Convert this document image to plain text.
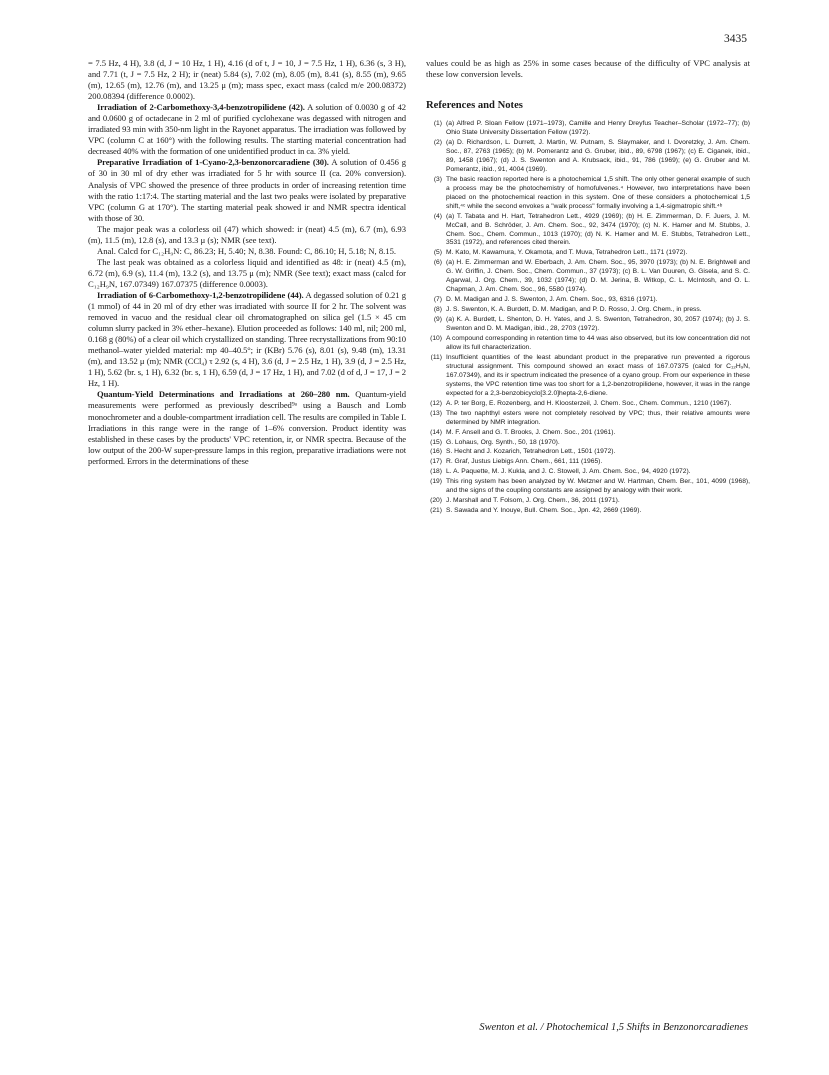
3435

= 7.5 Hz, 4 H), 3.8 (d, J = 10 Hz, 1 H), 4.16 (d of t, J = 10, J = 7.5 Hz, 1 H), 6.36 (s, 3 H), and 7.71 (t, J = 7.5 Hz, 2 H); ir (neat) 5.84 (s), 7.02 (m), 8.05 (m), 8.41 (s), 8.55 (m), 9.65 (m), 12.65 (m), 12.76 (m), and 13.25 μ (m); mass spec, exact mass (calcd m/e 200.08372) 200.08394 (difference 0.0002).

Irradiation of 2-Carbomethoxy-3,4-benzotropilidene (42). A solution of 0.0030 g of 42 and 0.0600 g of octadecane in 2 ml of purified cyclohexane was degassed with nitrogen and irradiated 93 min with 350-nm light in the Rayonet apparatus. The irradiation was followed by VPC (column C at 160°) with the following results. The starting material concentration had decreased 40% with the formation of one unidentified product in ca. 3% yield.

Preparative Irradiation of 1-Cyano-2,3-benzonorcaradiene (30). A solution of 0.456 g of 30 in 30 ml of dry ether was irradiated for 5 hr with source II (ca. 20% conversion). Analysis of VPC showed the presence of three products in order of increasing retention time with the ratio 1:17:4. The starting material and the last two peaks were isolated by preparative VPC (column G at 170°). The starting material peak showed ir and NMR spectra identical with those of 30.

The major peak was a colorless oil (47) which showed: ir (neat) 4.5 (m), 6.7 (m), 6.93 (m), 11.5 (m), 12.8 (s), and 13.3 μ (s); NMR (see text).

Anal. Calcd for C₁₂H₉N: C, 86.23; H, 5.40; N, 8.38. Found: C, 86.10; H, 5.18; N, 8.15.

The last peak was obtained as a colorless liquid and identified as 48: ir (neat) 4.5 (m), 6.72 (m), 6.9 (s), 11.4 (m), 13.2 (s), and 13.75 μ (m); NMR (See text); exact mass (calcd for C₁₂H₉N, 167.07349) 167.07375 (difference 0.0003).

Irradiation of 6-Carbomethoxy-1,2-benzotropilidene (44). A degassed solution of 0.21 g (1 mmol) of 44 in 20 ml of dry ether was irradiated with source II for 2 hr. The solvent was removed in vacuo and the residual clear oil chromatographed on silica gel (1.5 × 45 cm column slurry packed in 3% ether–hexane). Elution proceeded as follows: 140 ml, nil; 200 ml, 0.168 g (80%) of a clear oil which crystallized on standing. Three recrystallizations from 90:10 methanol–water yielded material: mp 40–40.5°; ir (KBr) 5.76 (s), 8.01 (s), 9.48 (m), 13.31 (m), and 13.52 μ (m); NMR (CCl₄) τ 2.92 (s, 4 H), 3.6 (d, J = 2.5 Hz, 1 H), 3.9 (d, J = 2.5 Hz, 1 H), 5.62 (br. s, 1 H), 6.32 (br. s, 1 H), 6.59 (d, J = 17 Hz, 1 H), and 7.02 (d of d, J = 17, J = 2 Hz, 1 H).

Quantum-Yield Determinations and Irradiations at 260–280 nm. Quantum-yield measurements were performed as previously described⁹ᵃ using a Bausch and Lomb monochrometer and a double-compartment irradiation cell. The results are compiled in Table I. Irradiations in this range were in the range of 1–6% conversion. Product identity was established in these cases by the products' VPC retention, ir, or NMR spectra. Because of the low output of the 200-W super-pressure lamps in this region, preparative irradiations were not performed. Errors in the determinations of these

values could be as high as 25% in some cases because of the difficulty of VPC analysis at these low conversion levels.

References and Notes
(1) (a) Alfred P. Sloan Fellow (1971–1973), Camille and Henry Dreyfus Teacher–Scholar (1972–77); (b) Ohio State University Dissertation Fellow (1972).
(2) (a) D. Richardson, L. Durrett, J. Martin, W. Putnam, S. Slaymaker, and I. Dvoretzky, J. Am. Chem. Soc., 87, 2763 (1965); (b) M. Pomerantz and G. Gruber, ibid., 89, 6798 (1967); (c) E. Ciganek, ibid., 89, 1458 (1967); (d) J. S. Swenton and A. Krubsack, ibid., 91, 786 (1969); (e) G. Gruber and M. Pomerantz, ibid., 91, 4004 (1969).
(3) The basic reaction reported here is a photochemical 1,5 shift. The only other general example of such a process may be the photochemistry of homofulvenes.⁴ However, two interpretations have been placed on the photochemical reaction in this system. One of these considers a photochemical 1,5 shift,⁴ᶜ while the second envokes a "walk process" formally involving a 1,4-sigmatropic shift.⁴ᵇ
(4) (a) T. Tabata and H. Hart, Tetrahedron Lett., 4929 (1969); (b) H. E. Zimmerman, D. F. Juers, J. M. McCall, and B. Schröder, J. Am. Chem. Soc., 92, 3474 (1970); (c) N. K. Hamer and M. Stubbs, J. Chem. Soc., Chem. Commun., 1013 (1970); (d) N. K. Hamer and M. E. Stubbs, Tetrahedron Lett., 3531 (1972), and references cited therein.
(5) M. Kato, M. Kawamura, Y. Okamota, and T. Muva, Tetrahedron Lett., 1171 (1972).
(6) (a) H. E. Zimmerman and W. Eberbach, J. Am. Chem. Soc., 95, 3970 (1973); (b) N. E. Brightwell and G. W. Griffin, J. Chem. Soc., Chem. Commun., 37 (1973); (c) B. L. Van Duuren, G. Gisela, and S. C. Agarwal, J. Org. Chem., 39, 1032 (1974); (d) D. M. Jerina, B. Witkop, C. L. McIntosh, and O. L. Chapman, J. Am. Chem. Soc., 96, 5580 (1974).
(7) D. M. Madigan and J. S. Swenton, J. Am. Chem. Soc., 93, 6316 (1971).
(8) J. S. Swenton, K. A. Burdett, D. M. Madigan, and P. D. Rosso, J. Org. Chem., in press.
(9) (a) K. A. Burdett, L. Shenton, D. H. Yates, and J. S. Swenton, Tetrahedron, 30, 2057 (1974); (b) J. S. Swenton and D. M. Madigan, ibid., 28, 2703 (1972).
(10) A compound corresponding in retention time to 44 was also observed, but its low concentration did not allow its full characterization.
(11) Insufficient quantities of the least abundant product in the preparative run prevented a rigorous structural assignment. This compound showed an exact mass of 167.07375 (calcd for C₁₂H₉N, 167.07349), and its ir spectrum indicated the presence of a cyano group. From our experience in these systems, the VPC retention time was too short for a 1,2-benzotropilidene, however, it was in the range expected for a 2,3-benzobicyclo[3.2.0]hepta-2,6-diene.
(12) A. P. ter Borg, E. Rozenberg, and H. Kloosterzeil, J. Chem. Soc., Chem. Commun., 1210 (1967).
(13) The two naphthyl esters were not completely resolved by VPC; thus, their relative amounts were determined by NMR integration.
(14) M. F. Ansell and G. T. Brooks, J. Chem. Soc., 201 (1961).
(15) G. Lohaus, Org. Synth., 50, 18 (1970).
(16) S. Hecht and J. Kozarich, Tetrahedron Lett., 1501 (1972).
(17) R. Graf, Justus Liebigs Ann. Chem., 661, 111 (1965).
(18) L. A. Paquette, M. J. Kukla, and J. C. Stowell, J. Am. Chem. Soc., 94, 4920 (1972).
(19) This ring system has been analyzed by W. Metzner and W. Hartman, Chem. Ber., 101, 4099 (1968), and the signs of the coupling constants are assigned by analogy with their work.
(20) J. Marshall and T. Folsom, J. Org. Chem., 36, 2011 (1971).
(21) S. Sawada and Y. Inouye, Bull. Chem. Soc., Jpn. 42, 2669 (1969).
Swenton et al. / Photochemical 1,5 Shifts in Benzonorcaradienes
